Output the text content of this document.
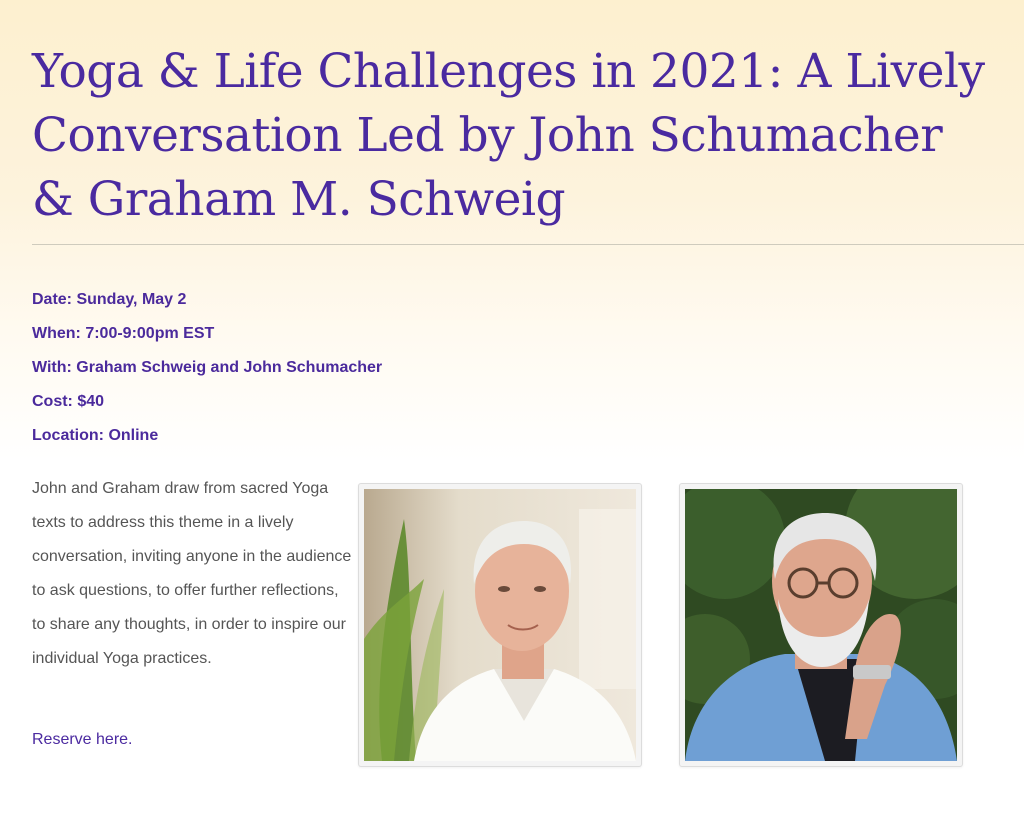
Yoga & Life Challenges in 2021: A Lively Conversation Led by John Schumacher & Graham M. Schweig
Date: Sunday, May 2
When: 7:00-9:00pm EST
With: Graham Schweig and John Schumacher
Cost: $40
Location: Online

John and Graham draw from sacred Yoga texts to address this theme in a lively conversation, inviting anyone in the audience to ask questions, to offer further reflections, to share any thoughts, in order to inspire our individual Yoga practices.

Reserve here.
